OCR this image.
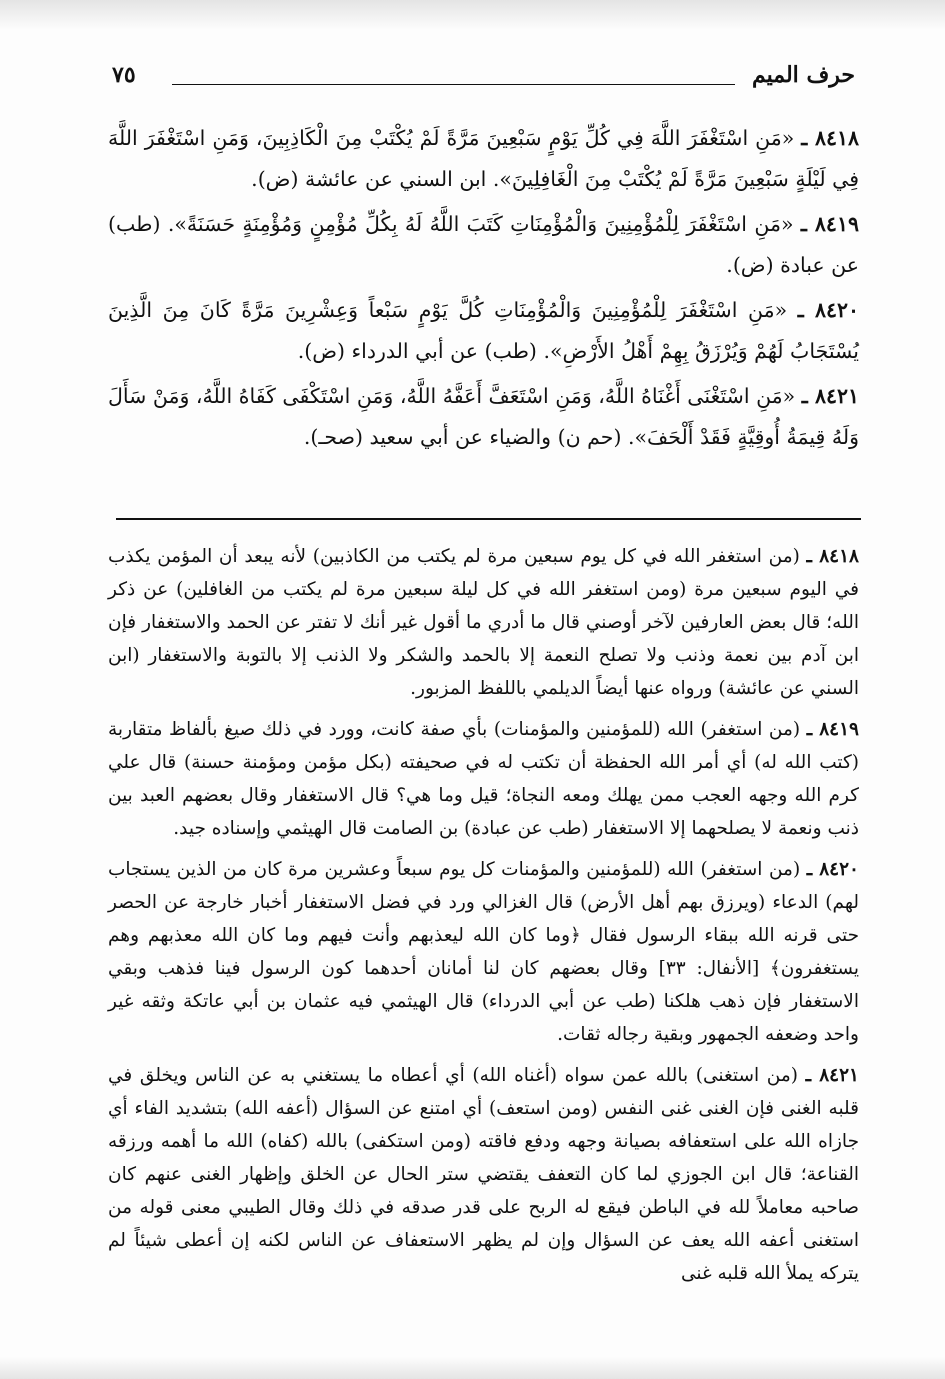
حرف الميم
٧٥

٨٤١٨ ـ «مَنِ اسْتَغْفَرَ اللَّهَ فِي كُلِّ يَوْمٍ سَبْعِينَ مَرَّةً لَمْ يُكْتَبْ مِنَ الْكَاذِبِينَ، وَمَنِ اسْتَغْفَرَ اللَّهَ فِي لَيْلَةٍ سَبْعِينَ مَرَّةً لَمْ يُكْتَبْ مِنَ الْغَافِلِينَ». ابن السني عن عائشة (ض).

٨٤١٩ ـ «مَنِ اسْتَغْفَرَ لِلْمُؤْمِنِينَ وَالْمُؤْمِنَاتِ كَتَبَ اللَّهُ لَهُ بِكُلِّ مُؤْمِنٍ وَمُؤْمِنَةٍ حَسَنَةً». (طب) عن عبادة (ض).

٨٤٢٠ ـ «مَنِ اسْتَغْفَرَ لِلْمُؤْمِنِينَ وَالْمُؤْمِنَاتِ كُلَّ يَوْمٍ سَبْعاً وَعِشْرِينَ مَرَّةً كَانَ مِنَ الَّذِينَ يُسْتَجَابُ لَهُمْ وَيُرْزَقُ بِهِمْ أَهْلُ الأَرْضِ». (طب) عن أبي الدرداء (ض).

٨٤٢١ ـ «مَنِ اسْتَغْنَى أَغْنَاهُ اللَّهُ، وَمَنِ اسْتَعَفَّ أَعَفَّهُ اللَّهُ، وَمَنِ اسْتَكْفَى كَفَاهُ اللَّهُ، وَمَنْ سَأَلَ وَلَهُ قِيمَةُ أُوقِيَّةٍ فَقَدْ أَلْحَفَ». (حم ن) والضياء عن أبي سعيد (صحـ).

٨٤١٨ ـ (من استغفر الله في كل يوم سبعين مرة لم يكتب من الكاذبين) لأنه يبعد أن المؤمن يكذب في اليوم سبعين مرة (ومن استغفر الله في كل ليلة سبعين مرة لم يكتب من الغافلين) عن ذكر الله؛ قال بعض العارفين لآخر أوصني قال ما أدري ما أقول غير أنك لا تفتر عن الحمد والاستغفار فإن ابن آدم بين نعمة وذنب ولا تصلح النعمة إلا بالحمد والشكر ولا الذنب إلا بالتوبة والاستغفار (ابن السني عن عائشة) ورواه عنها أيضاً الديلمي باللفظ المزبور.

٨٤١٩ ـ (من استغفر) الله (للمؤمنين والمؤمنات) بأي صفة كانت، وورد في ذلك صيغ بألفاظ متقاربة (كتب الله له) أي أمر الله الحفظة أن تكتب له في صحيفته (بكل مؤمن ومؤمنة حسنة) قال علي كرم الله وجهه العجب ممن يهلك ومعه النجاة؛ قيل وما هي؟ قال الاستغفار وقال بعضهم العبد بين ذنب ونعمة لا يصلحهما إلا الاستغفار (طب عن عبادة) بن الصامت قال الهيثمي وإسناده جيد.

٨٤٢٠ ـ (من استغفر) الله (للمؤمنين والمؤمنات كل يوم سبعاً وعشرين مرة كان من الذين يستجاب لهم) الدعاء (ويرزق بهم أهل الأرض) قال الغزالي ورد في فضل الاستغفار أخبار خارجة عن الحصر حتى قرنه الله ببقاء الرسول فقال ﴿وما كان الله ليعذبهم وأنت فيهم وما كان الله معذبهم وهم يستغفرون﴾ [الأنفال: ٣٣] وقال بعضهم كان لنا أمانان أحدهما كون الرسول فينا فذهب وبقي الاستغفار فإن ذهب هلكنا (طب عن أبي الدرداء) قال الهيثمي فيه عثمان بن أبي عاتكة وثقه غير واحد وضعفه الجمهور وبقية رجاله ثقات.

٨٤٢١ ـ (من استغنى) بالله عمن سواه (أغناه الله) أي أعطاه ما يستغني به عن الناس ويخلق في قلبه الغنى فإن الغنى غنى النفس (ومن استعف) أي امتنع عن السؤال (أعفه الله) بتشديد الفاء أي جازاه الله على استعفافه بصيانة وجهه ودفع فاقته (ومن استكفى) بالله (كفاه) الله ما أهمه ورزقه القناعة؛ قال ابن الجوزي لما كان التعفف يقتضي ستر الحال عن الخلق وإظهار الغنى عنهم كان صاحبه معاملاً لله في الباطن فيقع له الربح على قدر صدقه في ذلك وقال الطيبي معنى قوله من استغنى أعفه الله يعف عن السؤال وإن لم يظهر الاستعفاف عن الناس لكنه إن أعطى شيئاً لم يتركه يملأ الله قلبه غنى
